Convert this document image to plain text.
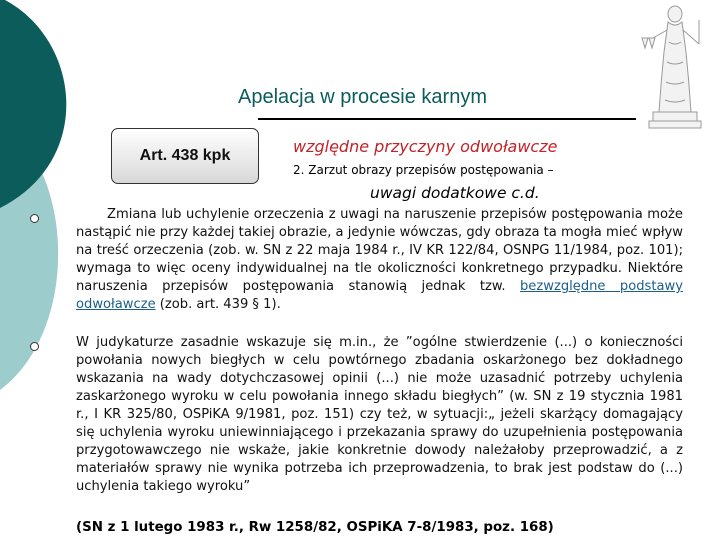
Apelacja w procesie karnym
Art. 438 kpk	względne przyczyny odwoławcze
2. Zarzut obrazy przepisów postępowania –
uwagi dodatkowe c.d.

Zmiana lub uchylenie orzeczenia z uwagi na naruszenie przepisów postępowania może nastąpić nie przy każdej takiej obrazie, a jedynie wówczas, gdy obraza ta mogła mieć wpływ na treść orzeczenia (zob. w. SN z 22 maja 1984 r., IV KR 122/84, OSNPG 11/1984, poz. 101); wymaga to więc oceny indywidualnej na tle okoliczności konkretnego przypadku. Niektóre naruszenia przepisów postępowania stanowią jednak tzw. bezwzględne podstawy odwoławcze (zob. art. 439 § 1).

W judykaturze zasadnie wskazuje się m.in., że ”ogólne stwierdzenie (...) o konieczności powołania nowych biegłych w celu powtórnego zbadania oskarżonego bez dokładnego wskazania na wady dotychczasowej opinii (...) nie może uzasadnić potrzeby uchylenia zaskarżonego wyroku w celu powołania innego składu biegłych” (w. SN z 19 stycznia 1981 r., I KR 325/80, OSPiKA 9/1981, poz. 151) czy też, w sytuacji:„ jeżeli skarżący domagający się uchylenia wyroku uniewinniającego i przekazania sprawy do uzupełnienia postępowania przygotowawczego nie wskaże, jakie konkretnie dowody należałoby przeprowadzić, a z materiałów sprawy nie wynika potrzeba ich przeprowadzenia, to brak jest podstaw do (...) uchylenia takiego wyroku”

(SN z 1 lutego 1983 r., Rw 1258/82, OSPiKA 7-8/1983, poz. 168)
